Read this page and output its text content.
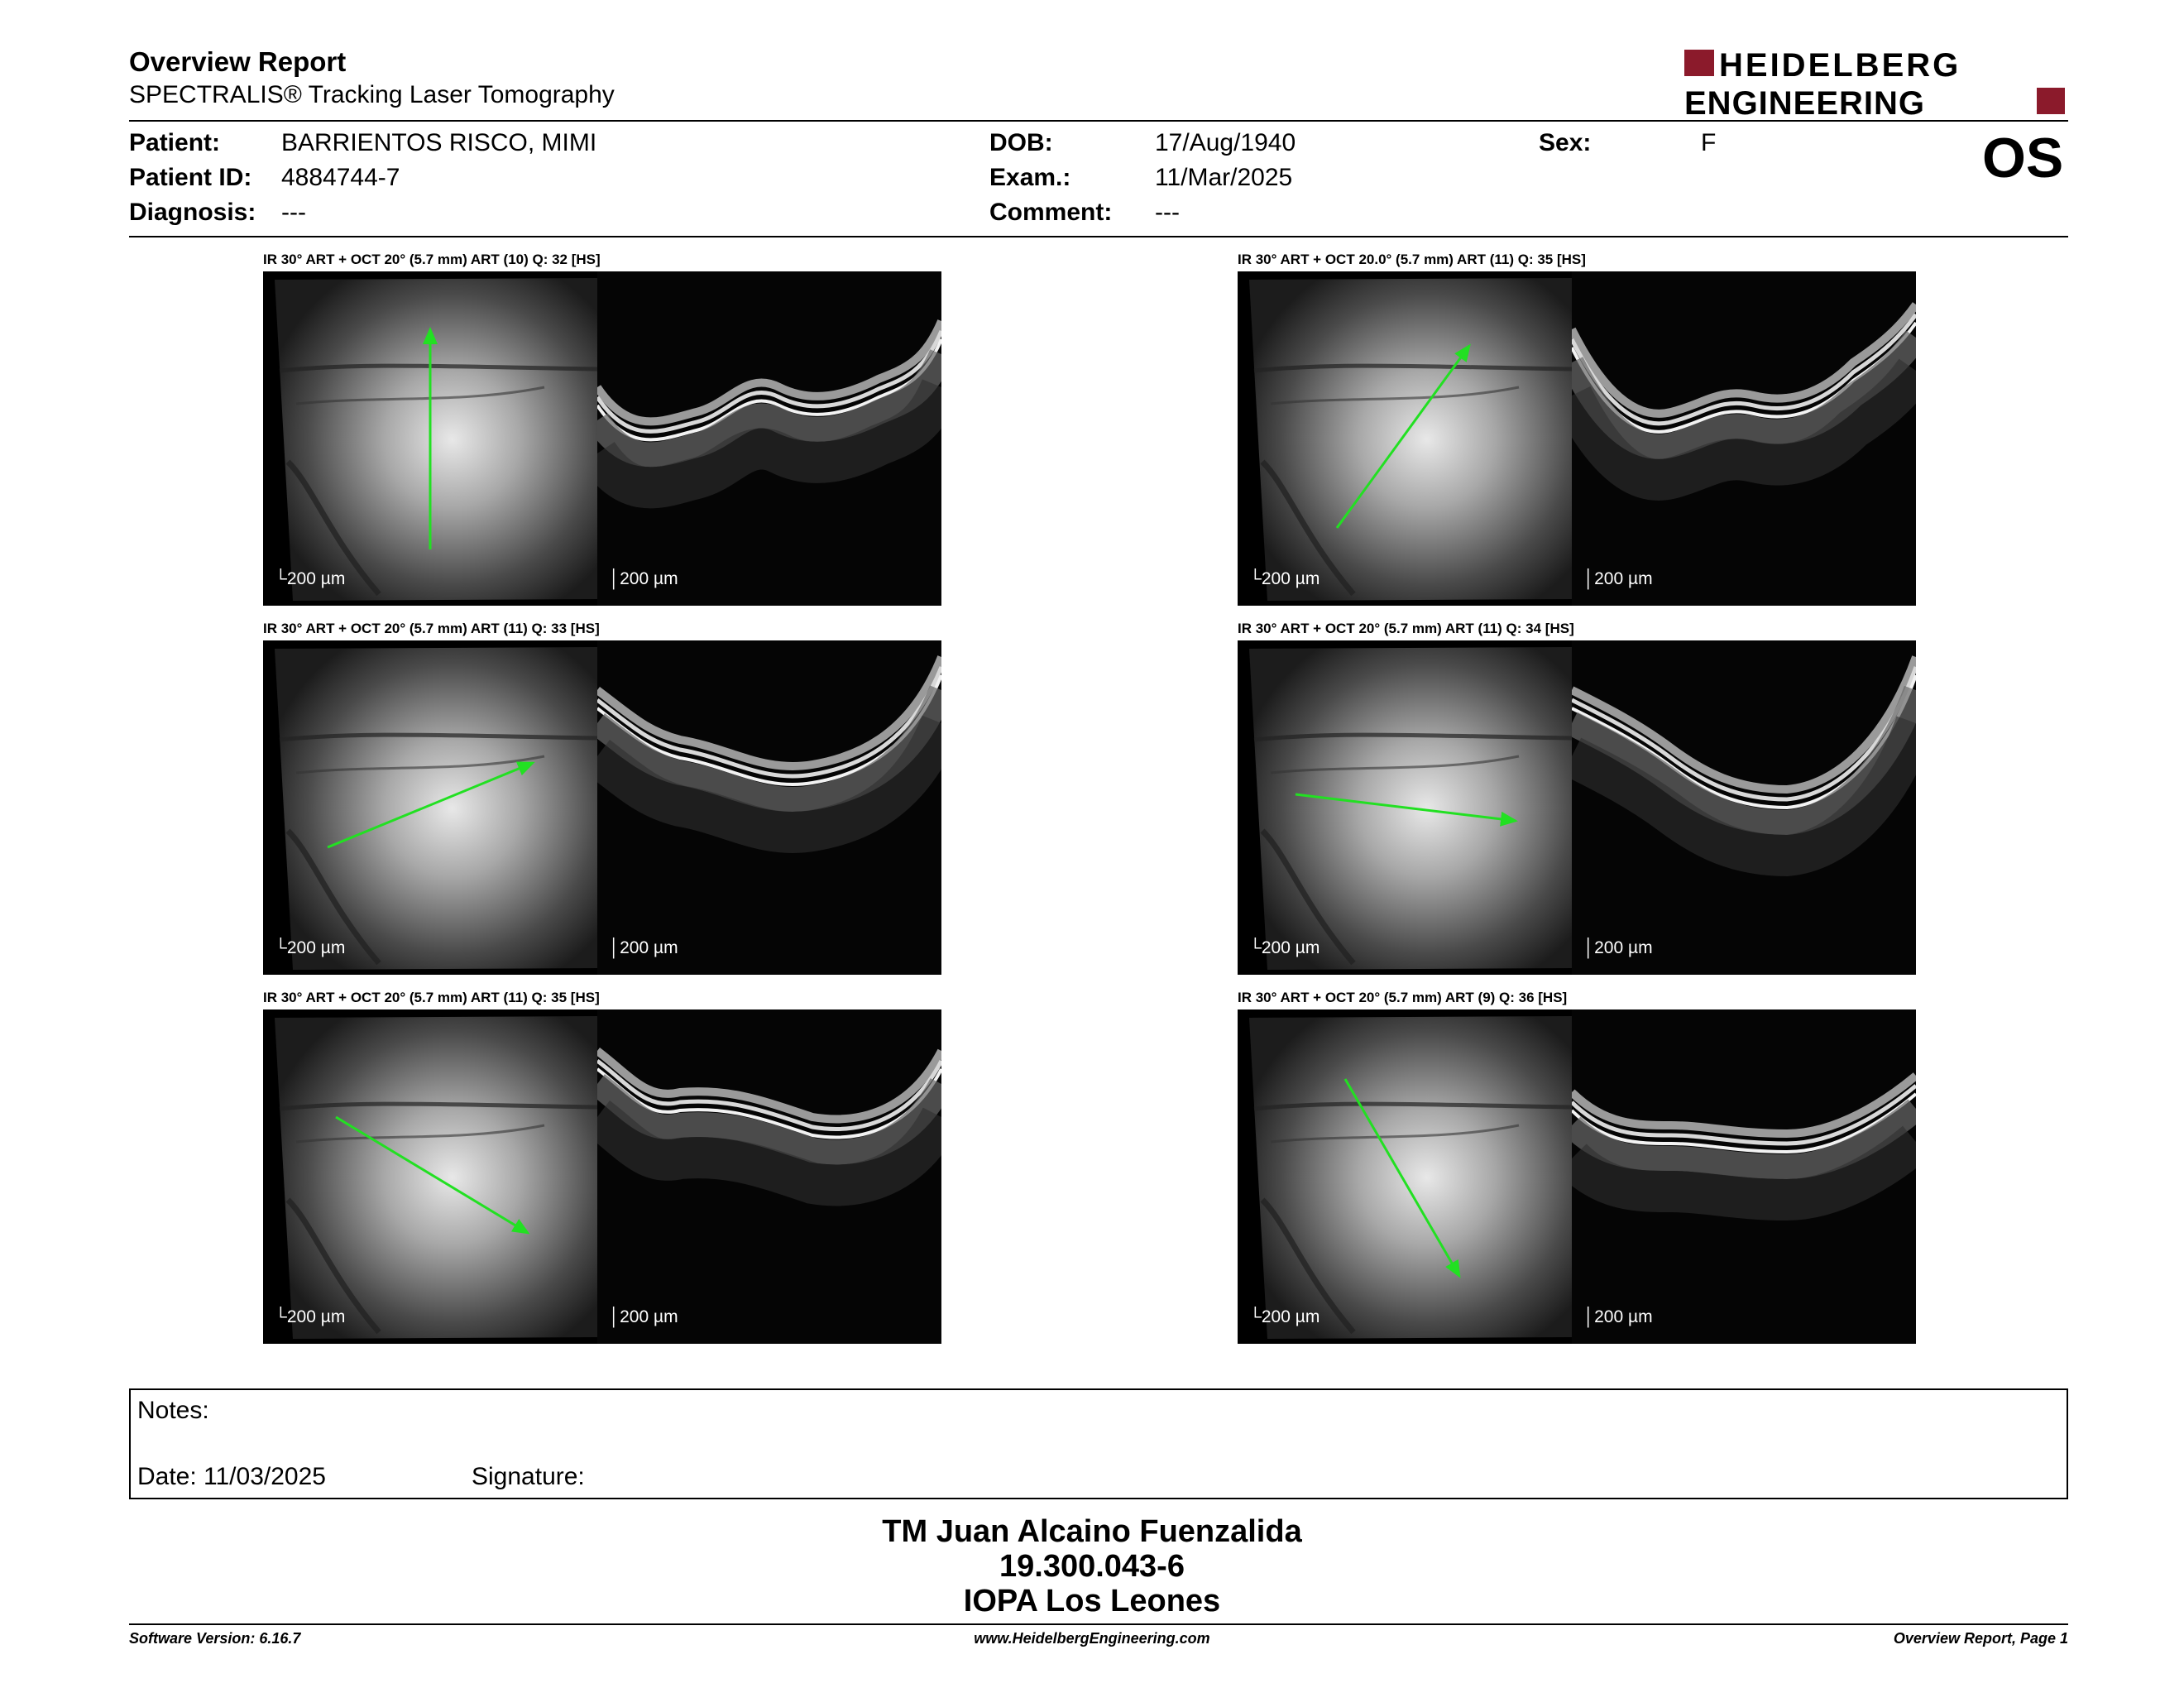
Overview Report
SPECTRALIS® Tracking Laser Tomography
HEIDELBERG
ENGINEERING
Patient: BARRIENTOS RISCO, MIMI
Patient ID: 4884744-7
Diagnosis: ---
DOB:	17/Aug/1940
Exam.:	11/Mar/2025
Comment: ---
Sex:	F	OS
IR 30° ART + OCT 20° (5.7 mm) ART (10) Q: 32 [HS]
└200 µm	│200 µm
IR 30° ART + OCT 20.0° (5.7 mm) ART (11) Q: 35 [HS]
└200 µm	│200 µm
IR 30° ART + OCT 20° (5.7 mm) ART (11) Q: 33 [HS]
└200 µm	│200 µm
IR 30° ART + OCT 20° (5.7 mm) ART (11) Q: 34 [HS]
└200 µm	│200 µm
IR 30° ART + OCT 20° (5.7 mm) ART (11) Q: 35 [HS]
└200 µm	│200 µm
IR 30° ART + OCT 20° (5.7 mm) ART (9) Q: 36 [HS]
└200 µm	│200 µm
Notes:
Date: 11/03/2025	Signature:
TM Juan Alcaino Fuenzalida
19.300.043-6
IOPA Los Leones
Software Version: 6.16.7	www.HeidelbergEngineering.com	Overview Report, Page 1
